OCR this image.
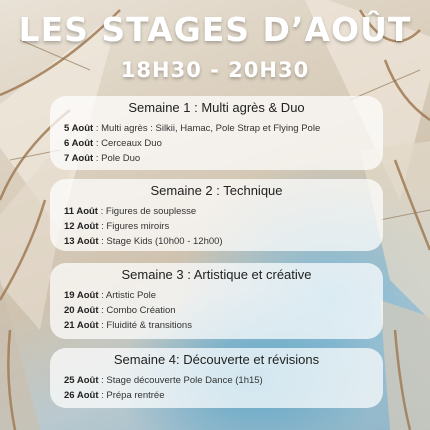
LES STAGES D’AOÛT
18H30 - 20H30
Semaine 1 : Multi agrès & Duo
5 Août : Multi agrès : Silkii, Hamac, Pole Strap et Flying Pole
6 Août : Cerceaux Duo
7 Août : Pole Duo
Semaine 2 : Technique
11 Août : Figures de souplesse
12 Août : Figures miroirs
13 Août : Stage Kids (10h00 - 12h00)
Semaine 3 : Artistique et créative
19 Août : Artistic Pole
20 Août : Combo Création
21 Août : Fluidité & transitions
Semaine 4: Découverte et révisions
25 Août : Stage découverte Pole Dance (1h15)
26 Août : Prépa rentrée
